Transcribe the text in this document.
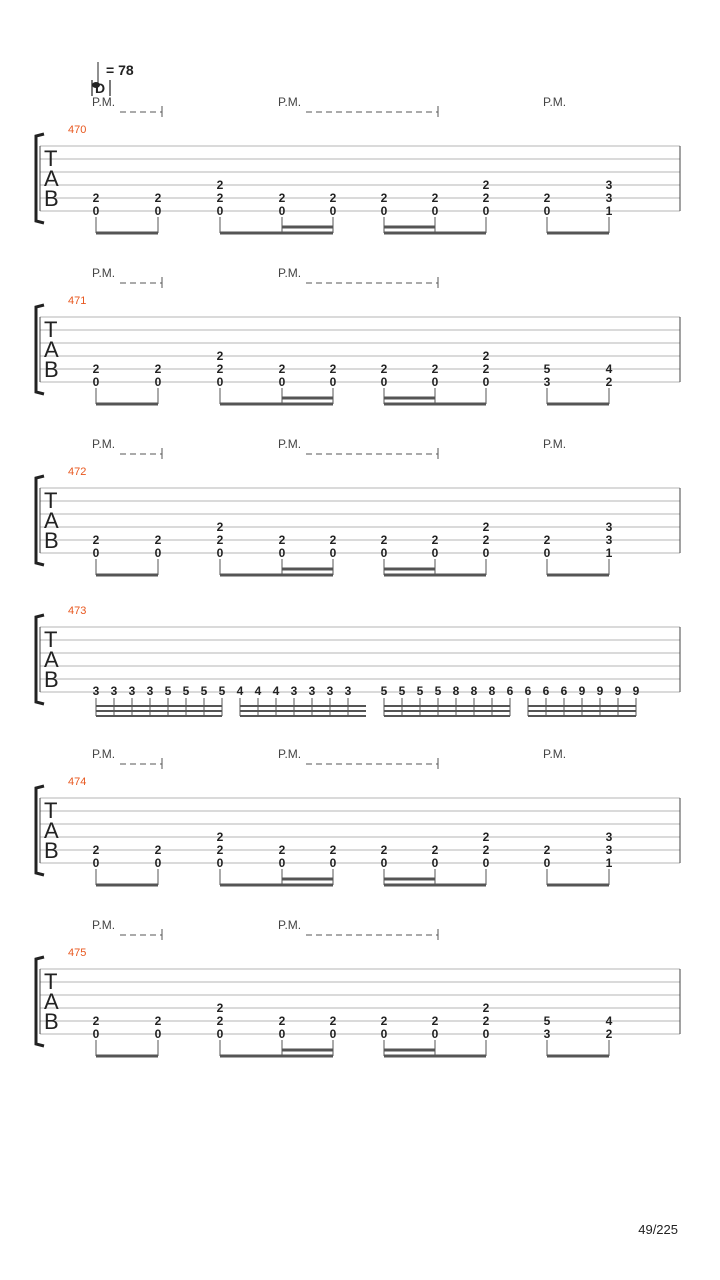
= 78
D
470
T
A
B
P.M.	P.M.	P.M.
2
0
2
0
2
2
0
2
0
2
0
2
0
2
0
2
2
0
2
0
3
3
1
471
T
A
B
P.M.	P.M.
2
0
2
0
2
2
0
2
0
2
0
2
0
2
0
2
2
0
5
3
4
2
472
T
A
B
P.M.	P.M.	P.M.
2
0
2
0
2
2
0
2
0
2
0
2
0
2
0
2
2
0
2
0
3
3
1
473
T
A
B	3 3 3 3 5 5 5 5 4 4 4 3 3 3 3 5 5 5 5 8 8 8 6 6 6 6 9 9 9 9
474
T
A
B
P.M.	P.M.	P.M.
2
0
2
0
2
2
0
2
0
2
0
2
0
2
0
2
2
0
2
0
3
3
1
475
T
A
B
P.M.	P.M.
2
0
2
0
2
2
0
2
0
2
0
2
0
2
0
2
2
0
5
3
4
2
49/225
